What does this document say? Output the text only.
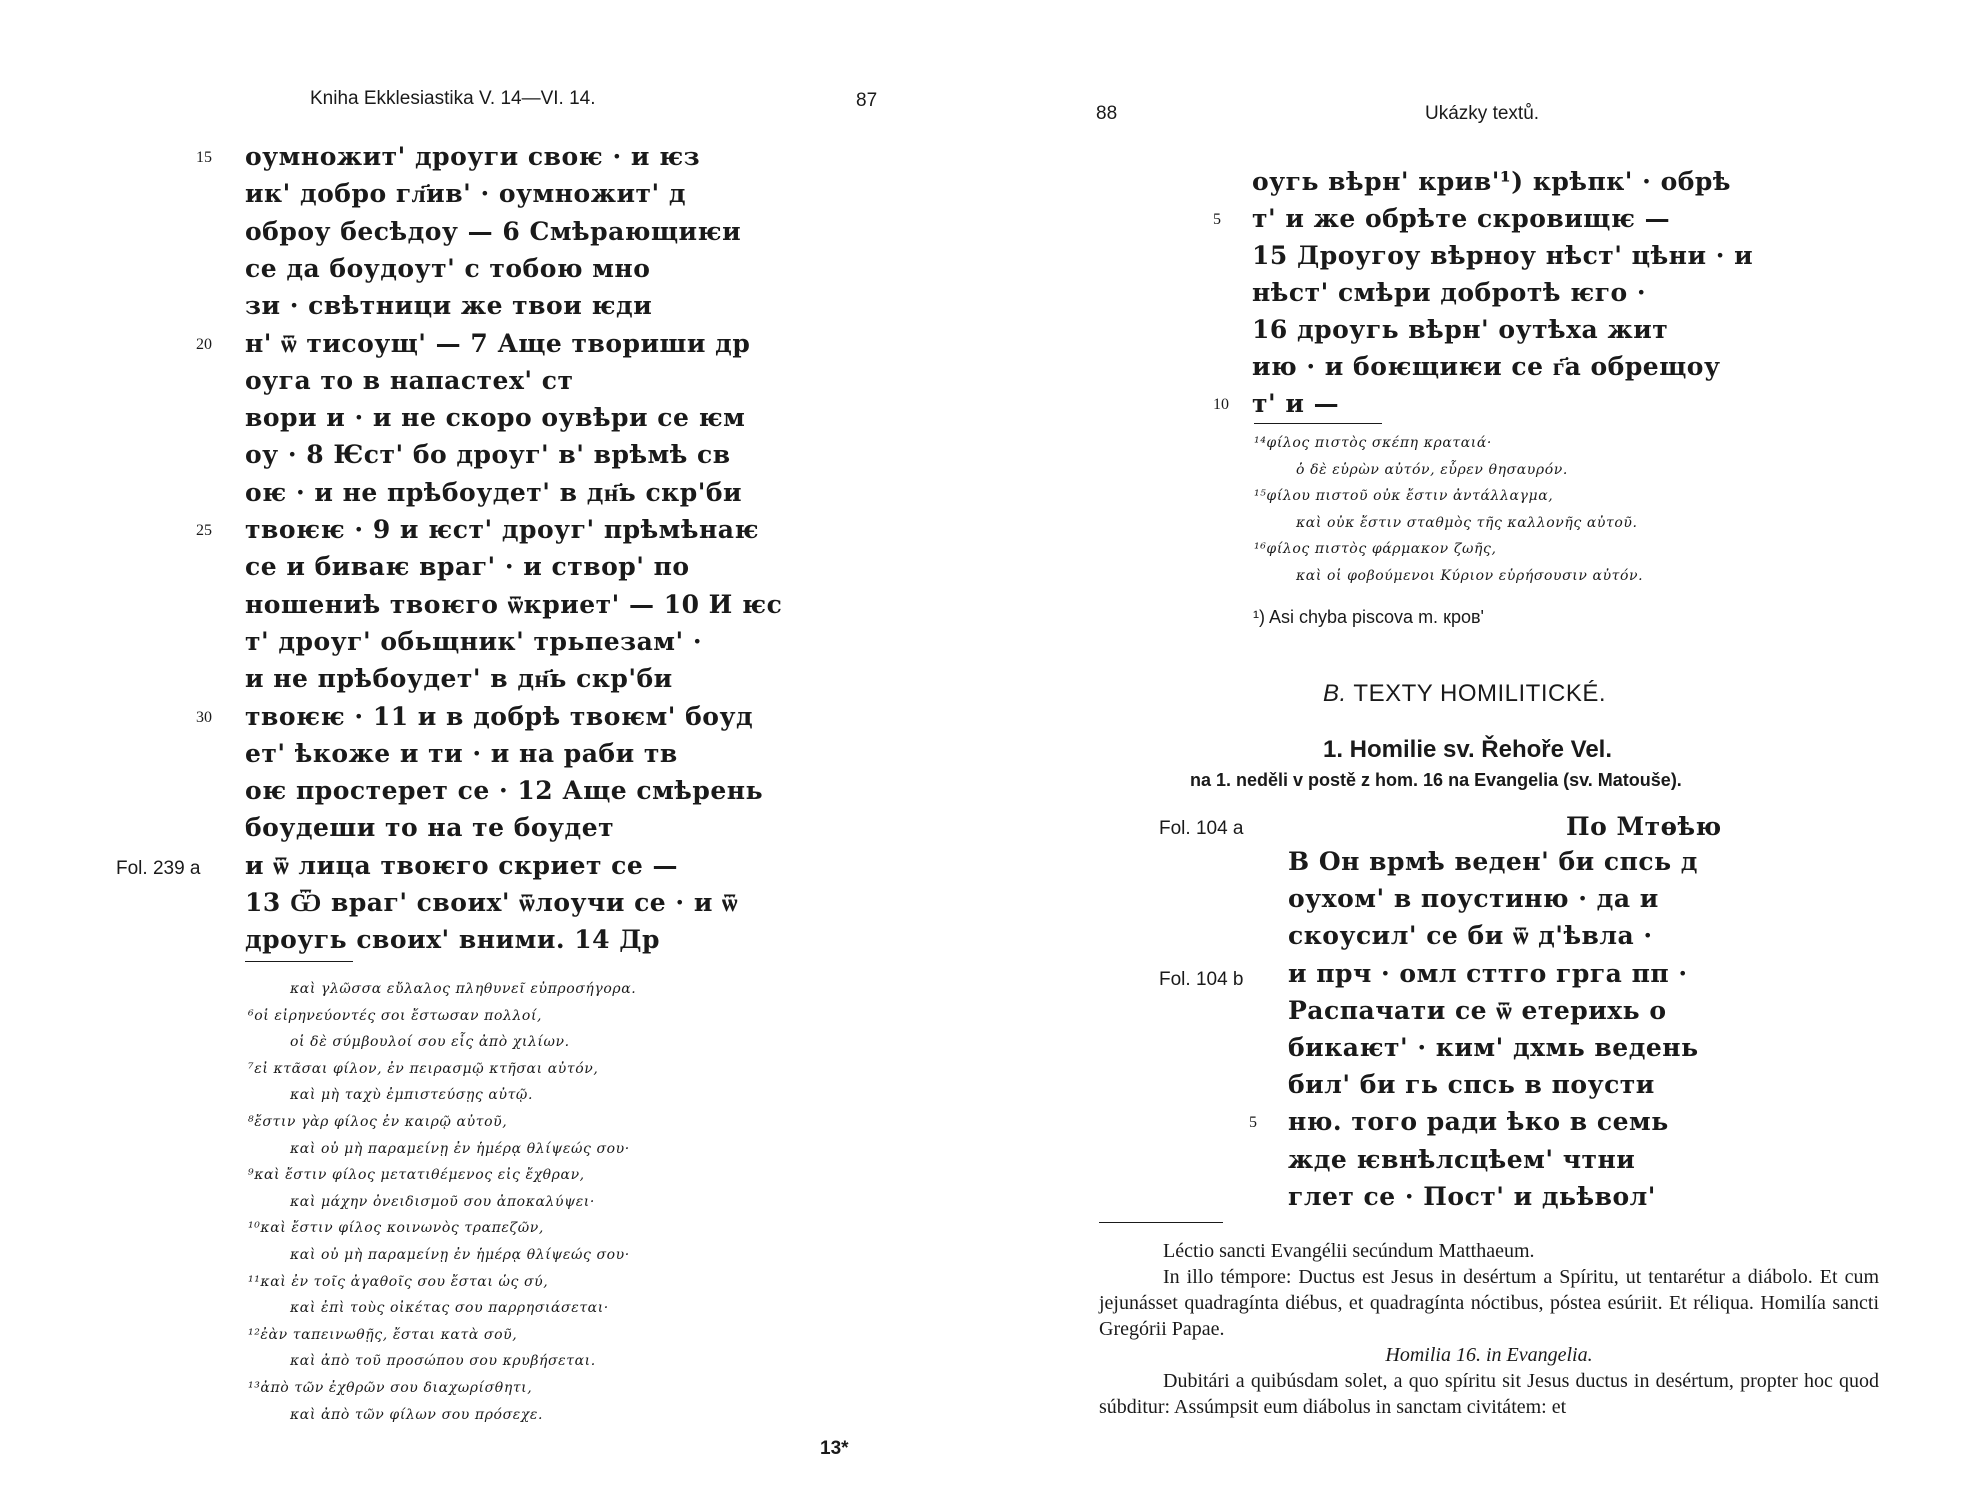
Kniha Ekklesiastika V. 14—VI. 14.	87
15 оумножит' дроуги своѥ · и ѥз
ик' добро гл҃ив' · оумножит' д
оброу бесѣдоу — 6 Смѣрающиѥи
се да боудоут' с тобою мно
зи · свѣтници же твои ѥди
20 н' ѿ тисоущ' — 7 Аще твориши др
оуга то в напастех' ст
вори и · и не скоро оувѣри се ѥм
оу · 8 Ѥст' бо дроуг' в' врѣмѣ св
оѥ · и не прѣбоудет' в дн҃ь скр'би
25 твоѥѥ · 9 и ѥст' дроуг' прѣмѣнаѥ
се и биваѥ враг' · и створ' по
ношениѣ твоѥго ѿкриет' — 10 И ѥс
т' дроуг' обьщник' трьпезам' ·
и не прѣбоудет' в дн҃ь скр'би
30 твоѥѥ · 11 и в добрѣ твоѥм' боуд
ет' ѣкоже и ти · и на раби тв
оѥ простерет се · 12 Аще смѣрень
боудеши то на те боудет
и ѿ лица твоѥго скриет се —
13 Ѿ враг' своих' ѿлоучи се · и ѿ
дроугь своих' вними. 14 Др
Fol. 239 a
καὶ γλῶσσα εὔλαλος πληθυνεῖ εὐπροσήγορα.
⁶οἱ εἰρηνεύοντές σοι ἔστωσαν πολλοί,
οἱ δὲ σύμβουλοί σου εἷς ἀπὸ χιλίων.
⁷εἰ κτᾶσαι φίλον, ἐν πειρασμῷ κτῆσαι αὐτόν,
καὶ μὴ ταχὺ ἐμπιστεύσῃς αὐτῷ.
⁸ἔστιν γὰρ φίλος ἐν καιρῷ αὐτοῦ,
καὶ οὐ μὴ παραμείνῃ ἐν ἡμέρᾳ θλίψεώς σου·
⁹καὶ ἔστιν φίλος μετατιθέμενος εἰς ἔχθραν,
καὶ μάχην ὀνειδισμοῦ σου ἀποκαλύψει·
¹⁰καὶ ἔστιν φίλος κοινωνὸς τραπεζῶν,
καὶ οὐ μὴ παραμείνῃ ἐν ἡμέρᾳ θλίψεώς σου·
¹¹καὶ ἐν τοῖς ἀγαθοῖς σου ἔσται ὡς σύ,
καὶ ἐπὶ τοὺς οἰκέτας σου παρρησιάσεται·
¹²ἐὰν ταπεινωθῇς, ἔσται κατὰ σοῦ,
καὶ ἀπὸ τοῦ προσώπου σου κρυβήσεται.
¹³ἀπὸ τῶν ἐχθρῶν σου διαχωρίσθητι,
καὶ ἀπὸ τῶν φίλων σου πρόσεχε.
13*
88	Ukázky textů.
оугь вѣрн' крив'¹) крѣпк' · обрѣ
5 т' и же обрѣте скровищѥ —
15 Дроугоу вѣрноу нѣст' цѣни · и
нѣст' смѣри добротѣ ѥго ·
16 дроугь вѣрн' оутѣха жит
ию · и боѥщиѥи се г҃а обрещоу
10 т' и —
¹⁴φίλος πιστὸς σκέπη κραταιά·
ὁ δὲ εὑρὼν αὐτόν, εὗρεν θησαυρόν.
¹⁵φίλου πιστοῦ οὐκ ἔστιν ἀντάλλαγμα,
καὶ οὐκ ἔστιν σταθμὸς τῆς καλλονῆς αὐτοῦ.
¹⁶φίλος πιστὸς φάρμακον ζωῆς,
καὶ οἱ φοβούμενοι Κύριον εὑρήσουσιν αὐτόν.
¹) Asi chyba piscova m. кров'
B. TEXTY HOMILITICKÉ.
1. Homilie sv. Řehoře Vel.
na 1. neděli v postě z hom. 16 na Evangelia (sv. Matouše).
По Мтѳѣю
Fol. 104 a
Fol. 104 b
В Он врмѣ веден' би спсь д
оухом' в поустиню · да и
скоусил' се би ѿ д'ѣвла ·
и прч · омл сттго грга пп ·
Распачати се ѿ етерихь о
бикаѥт' · ким' дхмь ведень
бил' би гь спсь в поусти
5 ню. того ради ѣко в семь
жде ѥвнѣлсцѣем' чтни
глет се · Пост' и дьѣвол'

Léctio sancti Evangélii secúndum Matthaeum.

In illo témpore: Ductus est Jesus in desértum a Spíritu, ut tentarétur a diábolo. Et cum jejunásset quadragínta diébus, et quadragínta nóctibus, póstea esúriit. Et réliqua. Homilía sancti Gregórii Papae.

Homilia 16. in Evangelia.

Dubitári a quibúsdam solet, a quo spíritu sit Jesus ductus in desértum, propter hoc quod súbditur: Assúmpsit eum diábolus in sanctam civitátem: et
